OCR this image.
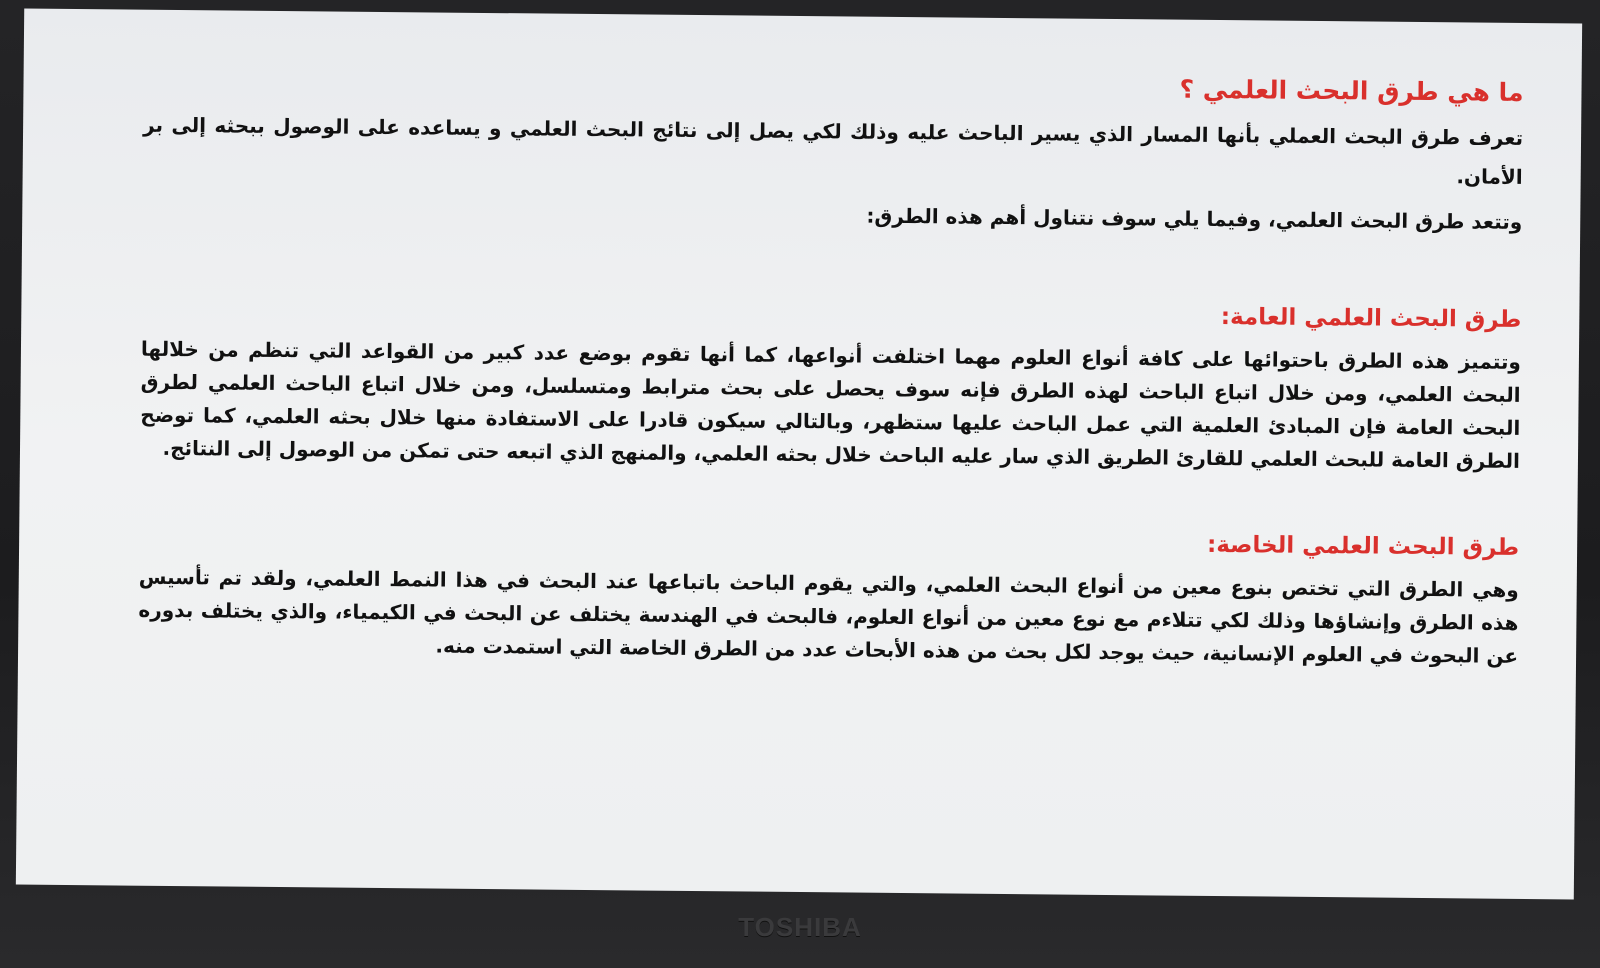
ما هي طرق البحث العلمي ؟

تعرف طرق البحث العملي بأنها المسار الذي يسير الباحث عليه وذلك لكي يصل إلى نتائج البحث العلمي و يساعده على الوصول ببحثه إلى بر الأمان.

وتتعد طرق البحث العلمي، وفيما يلي سوف نتناول أهم هذه الطرق:

طرق البحث العلمي العامة:

وتتميز هذه الطرق باحتوائها على كافة أنواع العلوم مهما اختلفت أنواعها، كما أنها تقوم بوضع عدد كبير من القواعد التي تنظم من خلالها البحث العلمي، ومن خلال اتباع الباحث لهذه الطرق فإنه سوف يحصل على بحث مترابط ومتسلسل، ومن خلال اتباع الباحث العلمي لطرق البحث العامة فإن المبادئ العلمية التي عمل الباحث عليها ستظهر، وبالتالي سيكون قادرا على الاستفادة منها خلال بحثه العلمي، كما توضح الطرق العامة للبحث العلمي للقارئ الطريق الذي سار عليه الباحث خلال بحثه العلمي، والمنهج الذي اتبعه حتى تمكن من الوصول إلى النتائج.

طرق البحث العلمي الخاصة:

وهي الطرق التي تختص بنوع معين من أنواع البحث العلمي، والتي يقوم الباحث باتباعها عند البحث في هذا النمط العلمي، ولقد تم تأسيس هذه الطرق وإنشاؤها وذلك لكي تتلاءم مع نوع معين من أنواع العلوم، فالبحث في الهندسة يختلف عن البحث في الكيمياء، والذي يختلف بدوره عن البحوث في العلوم الإنسانية، حيث يوجد لكل بحث من هذه الأبحاث عدد من الطرق الخاصة التي استمدت منه.

TOSHIBA
